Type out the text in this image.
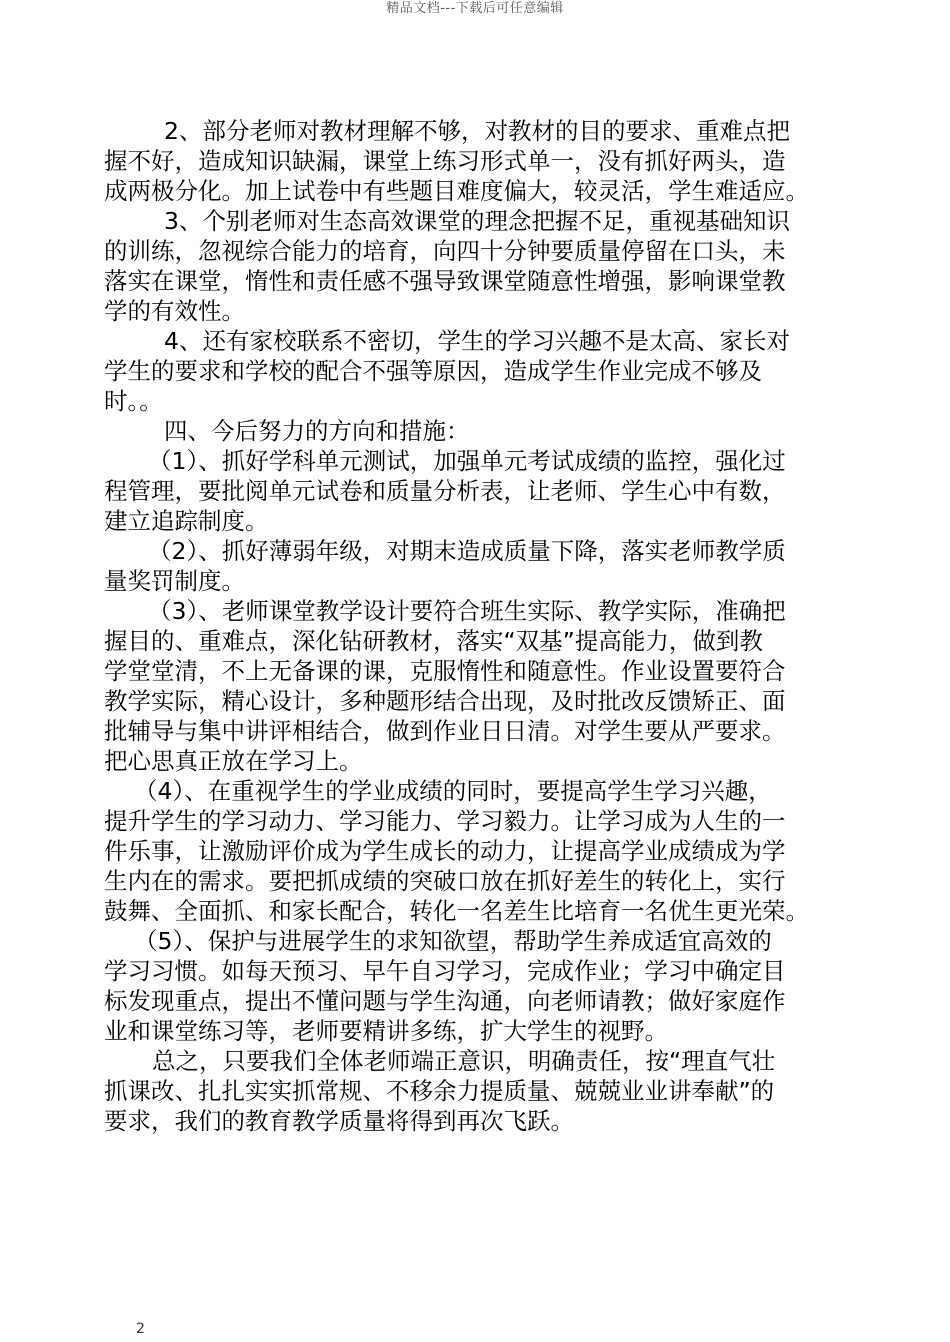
精品文档---下载后可任意编辑
2、部分老师对教材理解不够，对教材的目的要求、重难点把
握不好，造成知识缺漏，课堂上练习形式单一，没有抓好两头，造
成两极分化。加上试卷中有些题目难度偏大，较灵活，学生难适应。
3、个别老师对生态高效课堂的理念把握不足，重视基础知识
的训练，忽视综合能力的培育，向四十分钟要质量停留在口头，未
落实在课堂，惰性和责任感不强导致课堂随意性增强，影响课堂教
学的有效性。
4、还有家校联系不密切，学生的学习兴趣不是太高、家长对
学生的要求和学校的配合不强等原因，造成学生作业完成不够及
时。。
四、今后努力的方向和措施：
（1）、抓好学科单元测试，加强单元考试成绩的监控，强化过
程管理，要批阅单元试卷和质量分析表，让老师、学生心中有数，
建立追踪制度。
（2）、抓好薄弱年级，对期末造成质量下降，落实老师教学质
量奖罚制度。
（3）、老师课堂教学设计要符合班生实际、教学实际，准确把
握目的、重难点，深化钻研教材，落实“双基”提高能力，做到教
学堂堂清，不上无备课的课，克服惰性和随意性。作业设置要符合
教学实际，精心设计，多种题形结合出现，及时批改反馈矫正、面
批辅导与集中讲评相结合，做到作业日日清。对学生要从严要求。
把心思真正放在学习上。
（4）、在重视学生的学业成绩的同时，要提高学生学习兴趣，
提升学生的学习动力、学习能力、学习毅力。让学习成为人生的一
件乐事，让激励评价成为学生成长的动力，让提高学业成绩成为学
生内在的需求。要把抓成绩的突破口放在抓好差生的转化上，实行
鼓舞、全面抓、和家长配合，转化一名差生比培育一名优生更光荣。
（5）、保护与进展学生的求知欲望，帮助学生养成适宜高效的
学习习惯。如每天预习、早午自习学习，完成作业；学习中确定目
标发现重点，提出不懂问题与学生沟通，向老师请教；做好家庭作
业和课堂练习等，老师要精讲多练，扩大学生的视野。
总之，只要我们全体老师端正意识，明确责任，按“理直气壮
抓课改、扎扎实实抓常规、不移余力提质量、兢兢业业讲奉献”的
要求，我们的教育教学质量将得到再次飞跃。
2
